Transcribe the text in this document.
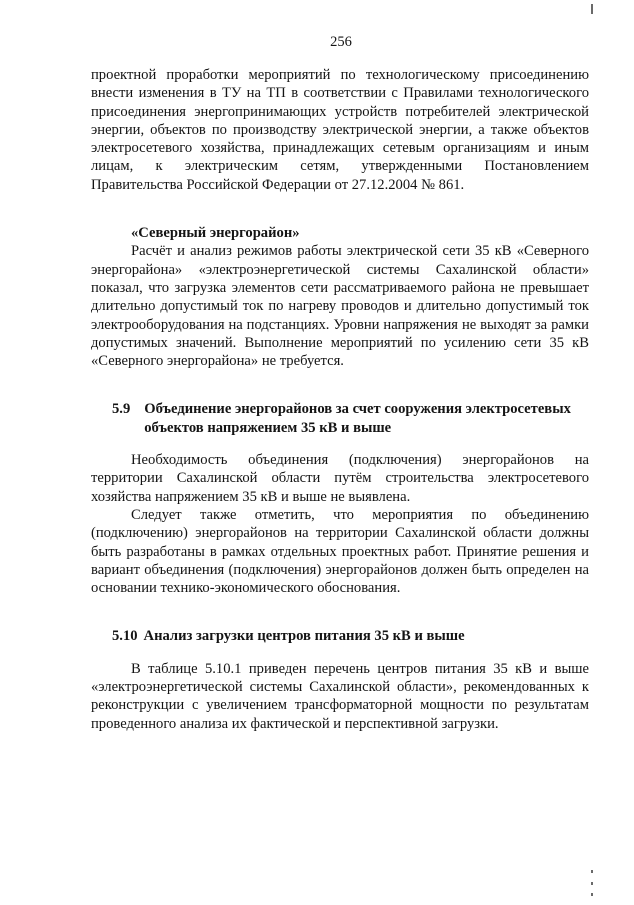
256

проектной проработки мероприятий по технологическому присоединению внести изменения в ТУ на ТП в соответствии с Правилами технологического присоединения энергопринимающих устройств потребителей электрической энергии, объектов по производству электрической энергии, а также объектов электросетевого хозяйства, принадлежащих сетевым организациям и иным лицам, к электрическим сетям, утвержденными Постановлением Правительства Российской Федерации от 27.12.2004 № 861.

«Северный энергорайон»

Расчёт и анализ режимов работы электрической сети 35 кВ «Северного энергорайона» «электроэнергетической системы Сахалинской области» показал, что загрузка элементов сети рассматриваемого района не превышает длительно допустимый ток по нагреву проводов и длительно допустимый ток электрооборудования на подстанциях. Уровни напряжения не выходят за рамки допустимых значений. Выполнение мероприятий по усилению сети 35 кВ «Северного энергорайона» не требуется.

5.9 Объединение энергорайонов за счет сооружения электросетевых объектов напряжением 35 кВ и выше

Необходимость объединения (подключения) энергорайонов на территории Сахалинской области путём строительства электросетевого хозяйства напряжением 35 кВ и выше не выявлена.

Следует также отметить, что мероприятия по объединению (подключению) энергорайонов на территории Сахалинской области должны быть разработаны в рамках отдельных проектных работ. Принятие решения и вариант объединения (подключения) энергорайонов должен быть определен на основании технико-экономического обоснования.

5.10 Анализ загрузки центров питания 35 кВ и выше

В таблице 5.10.1 приведен перечень центров питания 35 кВ и выше «электроэнергетической системы Сахалинской области», рекомендованных к реконструкции с увеличением трансформаторной мощности по результатам проведенного анализа их фактической и перспективной загрузки.
